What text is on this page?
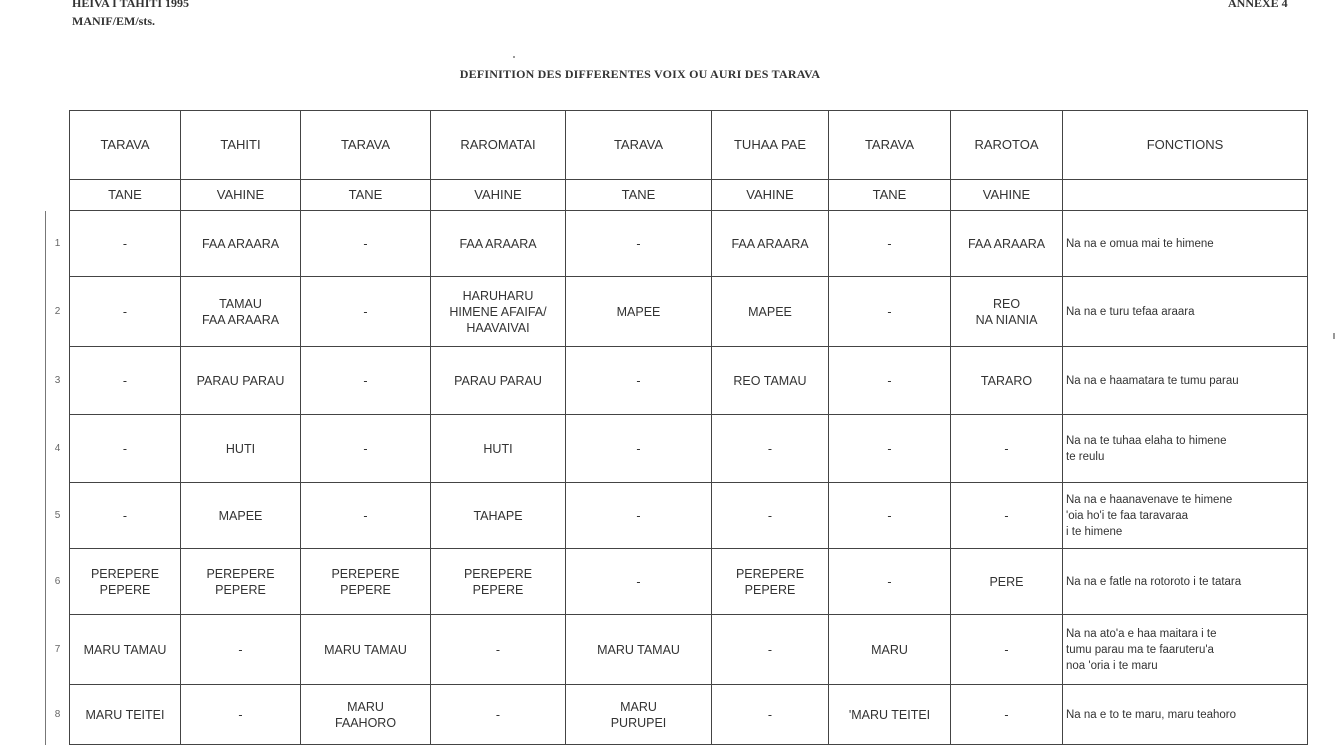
HEIVA I TAHITI 1995
MANIF/EM/sts.
ANNEXE 4
DEFINITION DES DIFFERENTES VOIX OU AURI DES TARAVA
	TARAVA	TAHITI	TARAVA	RAROMATAI	TARAVA	TUHAA PAE	TARAVA	RAROTOA	FONCTIONS
	TANE	VAHINE	TANE	VAHINE	TANE	VAHINE	TANE	VAHINE	
1	-	FAA ARAARA	-	FAA ARAARA	-	FAA ARAARA	-	FAA ARAARA	Na na e omua mai te himene
2	-	TAMAU
FAA ARAARA	-	HARUHARU
HIMENE AFAIFA/
HAAVAIVAI	MAPEE	MAPEE	-	REO
NA NIANIA	Na na e turu tefaa araara
3	-	PARAU PARAU	-	PARAU PARAU	-	REO TAMAU	-	TARARO	Na na e haamatara te tumu parau
4	-	HUTI	-	HUTI	-	-	-	-	Na na te tuhaa elaha to himene
te reulu
5	-	MAPEE	-	TAHAPE	-	-	-	-	Na na e haanavenave te himene
'oia ho'i te faa taravaraa
i te himene
6	PEREPERE
PEPERE	PEREPERE
PEPERE	PEREPERE
PEPERE	PEREPERE
PEPERE	-	PEREPERE
PEPERE	-	PERE	Na na e fatle na rotoroto i te tatara
7	MARU TAMAU	-	MARU TAMAU	-	MARU TAMAU	-	MARU	-	Na na ato'a e haa maitara i te
tumu parau ma te faaruteru'a
noa 'oria i te maru
8	MARU TEITEI	-	MARU
FAAHORO	-	MARU
PURUPEI	-	'MARU TEITEI	-	Na na e to te maru, maru teahoro
